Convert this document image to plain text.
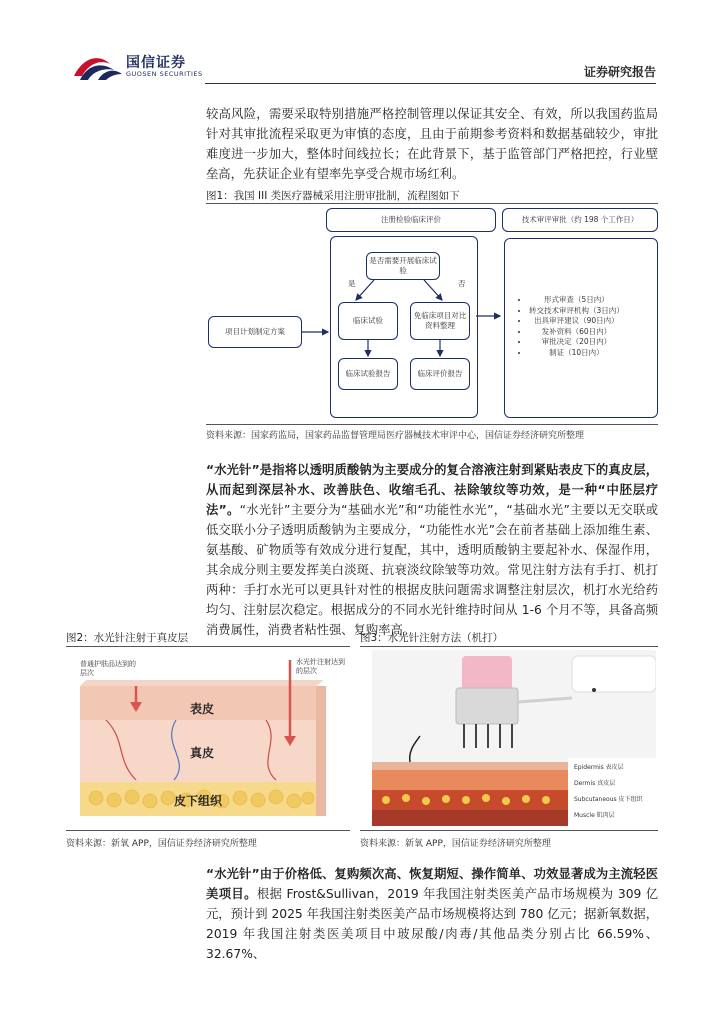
国信证券
GUOSEN SECURITIES	证券研究报告
较高风险，需要采取特别措施严格控制管理以保证其安全、有效，所以我国药监局针对其审批流程采取更为审慎的态度，且由于前期参考资料和数据基础较少，审批难度进一步加大，整体时间线拉长；在此背景下，基于监管部门严格把控，行业壁垒高，先获证企业有望率先享受合规市场红利。
图1：我国 III 类医疗器械采用注册审批制，流程图如下
注册检验临床评价	技术审评审批（约 198 个工作日）
是否需要开展临床试验
是	否
临床试验
免临床项目对比资料整理
项目计划制定方案
临床试验报告	临床评价报告
• 形式审查（5日内）
• 转交技术审评机构（3日内）
• 出具审评建议（90日内）
• 发补资料（60日内）
• 审批决定（20日内）
• 制证（10日内）
资料来源：国家药监局，国家药品监督管理局医疗器械技术审评中心，国信证券经济研究所整理
“水光针”是指将以透明质酸钠为主要成分的复合溶液注射到紧贴表皮下的真皮层，从而起到深层补水、改善肤色、收缩毛孔、祛除皱纹等功效，是一种“中胚层疗法”。“水光针”主要分为“基础水光”和“功能性水光”，“基础水光”主要以无交联或低交联小分子透明质酸钠为主要成分，“功能性水光”会在前者基础上添加维生素、氨基酸、矿物质等有效成分进行复配，其中，透明质酸钠主要起补水、保湿作用，其余成分则主要发挥美白淡斑、抗衰淡纹除皱等功效。常见注射方法有手打、机打两种：手打水光可以更具针对性的根据皮肤问题需求调整注射层次，机打水光给药均匀、注射层次稳定。根据成分的不同水光针维持时间从 1-6 个月不等，具备高频消费属性，消费者粘性强、复购率高。
图2：水光针注射于真皮层	图3：水光针注射方法（机打）
普通护肤品达到的层次
水光针注射达到的层次
表皮
真皮
皮下组织
Epidermis 表皮层
Dermis 真皮层
Subcutaneous 皮下组织
Muscle 肌肉层
资料来源：新氧 APP，国信证券经济研究所整理	资料来源：新氧 APP，国信证券经济研究所整理
“水光针”由于价格低、复购频次高、恢复期短、操作简单、功效显著成为主流轻医美项目。根据 Frost&Sullivan，2019 年我国注射类医美产品市场规模为 309 亿元，预计到 2025 年我国注射类医美产品市场规模将达到 780 亿元；据新氧数据，2019 年我国注射类医美项目中玻尿酸/肉毒/其他品类分别占比 66.59%、32.67%、
